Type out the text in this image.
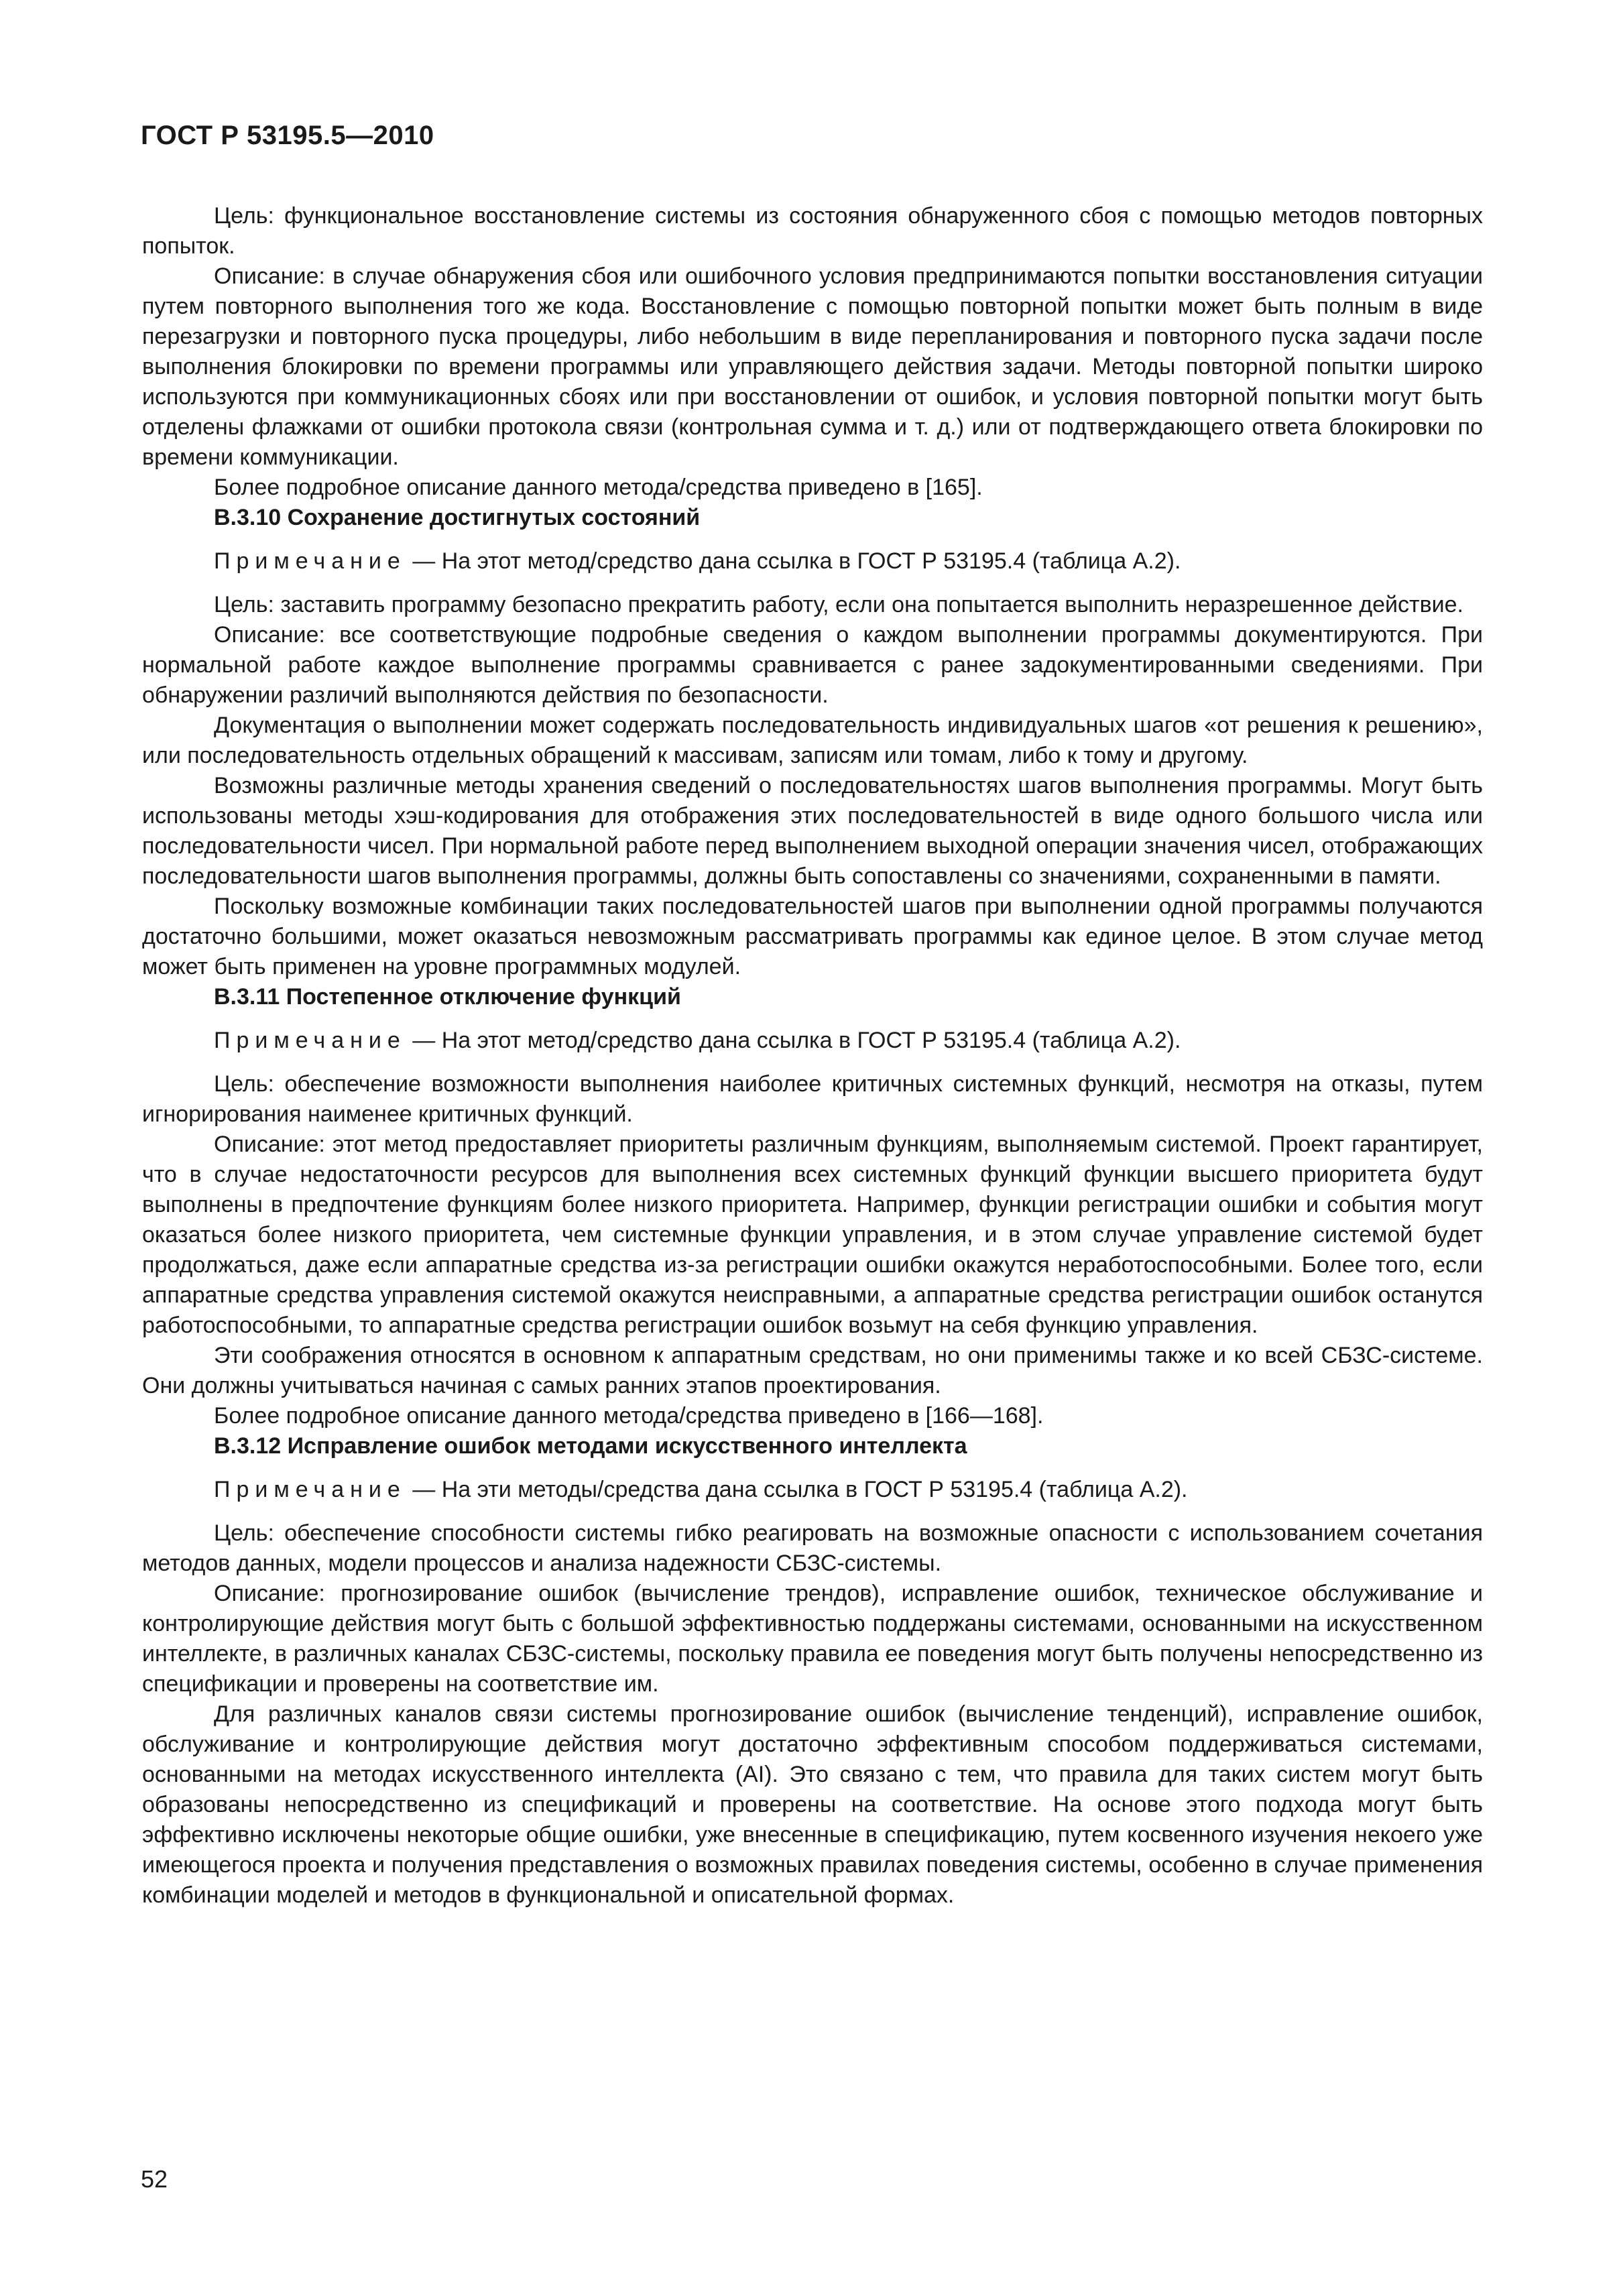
ГОСТ Р 53195.5—2010

Цель: функциональное восстановление системы из состояния обнаруженного сбоя с помощью методов повторных попыток.

Описание: в случае обнаружения сбоя или ошибочного условия предпринимаются попытки восстановления ситуации путем повторного выполнения того же кода. Восстановление с помощью повторной попытки может быть полным в виде перезагрузки и повторного пуска процедуры, либо небольшим в виде перепланирования и повторного пуска задачи после выполнения блокировки по времени программы или управляющего действия задачи. Методы повторной попытки широко используются при коммуникационных сбоях или при восстановлении от ошибок, и условия повторной попытки могут быть отделены флажками от ошибки протокола связи (контрольная сумма и т. д.) или от подтверждающего ответа блокировки по времени коммуникации.

Более подробное описание данного метода/средства приведено в [165].

В.3.10 Сохранение достигнутых состояний

Примечание — На этот метод/средство дана ссылка в ГОСТ Р 53195.4 (таблица А.2).

Цель: заставить программу безопасно прекратить работу, если она попытается выполнить неразрешенное действие.

Описание: все соответствующие подробные сведения о каждом выполнении программы документируются. При нормальной работе каждое выполнение программы сравнивается с ранее задокументированными сведениями. При обнаружении различий выполняются действия по безопасности.

Документация о выполнении может содержать последовательность индивидуальных шагов «от решения к решению», или последовательность отдельных обращений к массивам, записям или томам, либо к тому и другому.

Возможны различные методы хранения сведений о последовательностях шагов выполнения программы. Могут быть использованы методы хэш-кодирования для отображения этих последовательностей в виде одного большого числа или последовательности чисел. При нормальной работе перед выполнением выходной операции значения чисел, отображающих последовательности шагов выполнения программы, должны быть сопоставлены со значениями, сохраненными в памяти.

Поскольку возможные комбинации таких последовательностей шагов при выполнении одной программы получаются достаточно большими, может оказаться невозможным рассматривать программы как единое целое. В этом случае метод может быть применен на уровне программных модулей.

В.3.11 Постепенное отключение функций

Примечание — На этот метод/средство дана ссылка в ГОСТ Р 53195.4 (таблица А.2).

Цель: обеспечение возможности выполнения наиболее критичных системных функций, несмотря на отказы, путем игнорирования наименее критичных функций.

Описание: этот метод предоставляет приоритеты различным функциям, выполняемым системой. Проект гарантирует, что в случае недостаточности ресурсов для выполнения всех системных функций функции высшего приоритета будут выполнены в предпочтение функциям более низкого приоритета. Например, функции регистрации ошибки и события могут оказаться более низкого приоритета, чем системные функции управления, и в этом случае управление системой будет продолжаться, даже если аппаратные средства из-за регистрации ошибки окажутся неработоспособными. Более того, если аппаратные средства управления системой окажутся неисправными, а аппаратные средства регистрации ошибок останутся работоспособными, то аппаратные средства регистрации ошибок возьмут на себя функцию управления.

Эти соображения относятся в основном к аппаратным средствам, но они применимы также и ко всей СБЗС-системе. Они должны учитываться начиная с самых ранних этапов проектирования.

Более подробное описание данного метода/средства приведено в [166—168].

В.3.12 Исправление ошибок методами искусственного интеллекта

Примечание — На эти методы/средства дана ссылка в ГОСТ Р 53195.4 (таблица А.2).

Цель: обеспечение способности системы гибко реагировать на возможные опасности с использованием сочетания методов данных, модели процессов и анализа надежности СБЗС-системы.

Описание: прогнозирование ошибок (вычисление трендов), исправление ошибок, техническое обслуживание и контролирующие действия могут быть с большой эффективностью поддержаны системами, основанными на искусственном интеллекте, в различных каналах СБЗС-системы, поскольку правила ее поведения могут быть получены непосредственно из спецификации и проверены на соответствие им.

Для различных каналов связи системы прогнозирование ошибок (вычисление тенденций), исправление ошибок, обслуживание и контролирующие действия могут достаточно эффективным способом поддерживаться системами, основанными на методах искусственного интеллекта (AI). Это связано с тем, что правила для таких систем могут быть образованы непосредственно из спецификаций и проверены на соответствие. На основе этого подхода могут быть эффективно исключены некоторые общие ошибки, уже внесенные в спецификацию, путем косвенного изучения некоего уже имеющегося проекта и получения представления о возможных правилах поведения системы, особенно в случае применения комбинации моделей и методов в функциональной и описательной формах.

52
